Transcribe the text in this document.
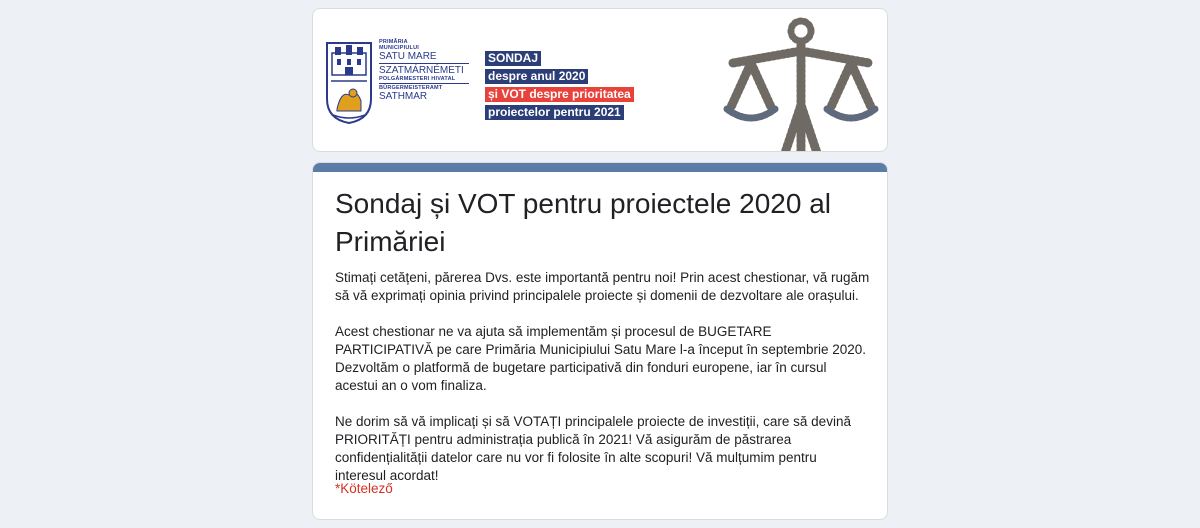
PRIMĂRIA
MUNICIPIULUI
SATU MARE
SZATMÁRNÉMETI
POLGÁRMESTERI HIVATAL
BÜRGERMEISTERAMT
SATHMAR
SONDAJ
despre anul 2020
și VOT despre prioritatea
proiectelor pentru 2021
Sondaj și VOT pentru proiectele 2020 al Primăriei

Stimați cetățeni, părerea Dvs. este importantă pentru noi! Prin acest chestionar, vă rugăm să vă exprimați opinia privind principalele proiecte și domenii de dezvoltare ale orașului.

Acest chestionar ne va ajuta să implementăm și procesul de BUGETARE PARTICIPATIVĂ pe care Primăria Municipiului Satu Mare l-a început în septembrie 2020. Dezvoltăm o platformă de bugetare participativă din fonduri europene, iar în cursul acestui an o vom finaliza.

Ne dorim să vă implicați și să VOTAȚI principalele proiecte de investiții, care să devină PRIORITĂȚI pentru administrația publică în 2021! Vă asigurăm de păstrarea confidențialității datelor care nu vor fi folosite în alte scopuri! Vă mulțumim pentru interesul acordat!

*Kötelező
